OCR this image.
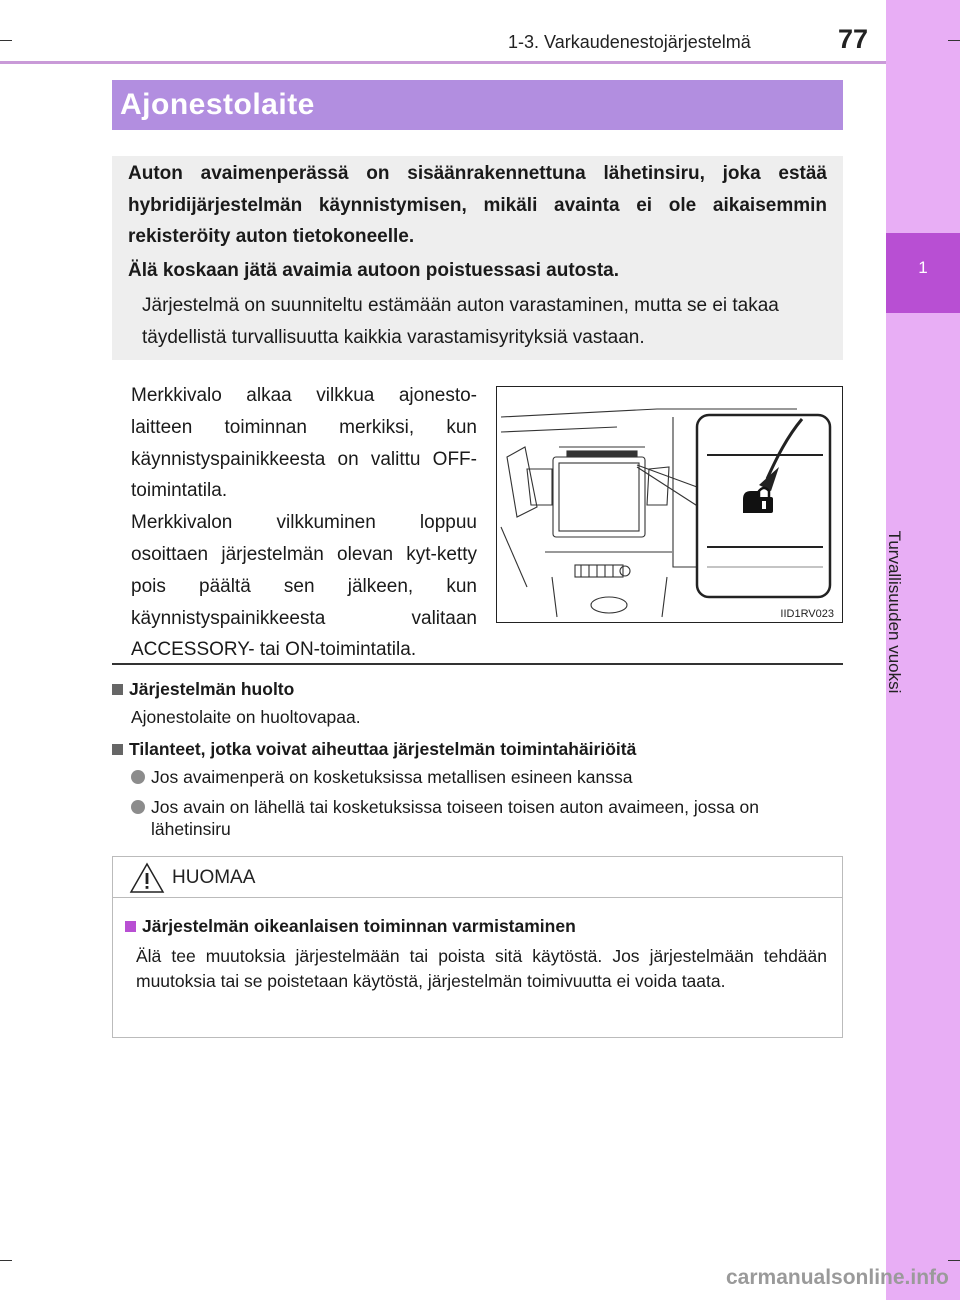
1
Turvallisuuden vuoksi
1-3. Varkaudenestojärjestelmä	77
Ajonestolaite
Auton avaimenperässä on sisäänrakennettuna lähetinsiru, joka estää hybridijärjestelmän käynnistymisen, mikäli avainta ei ole aikaisemmin rekisteröity auton tietokoneelle.
Älä koskaan jätä avaimia autoon poistuessasi autosta.
Järjestelmä on suunniteltu estämään auton varastaminen, mutta se ei takaa täydellistä turvallisuutta kaikkia varastamisyrityksiä vastaan.

Merkkivalo alkaa vilkkua ajonesto-laitteen toiminnan merkiksi, kun käynnistyspainikkeesta on valittu OFF-toimintatila.

Merkkivalon vilkkuminen loppuu osoittaen järjestelmän olevan kyt-ketty pois päältä sen jälkeen, kun käynnistyspainikkeesta valitaan ACCESSORY- tai ON-toimintatila.

IID1RV023
Järjestelmän huolto
Ajonestolaite on huoltovapaa.
Tilanteet, jotka voivat aiheuttaa järjestelmän toimintahäiriöitä
Jos avaimenperä on kosketuksissa metallisen esineen kanssa
Jos avain on lähellä tai kosketuksissa toiseen toisen auton avaimeen, jossa on lähetinsiru
HUOMAA
Järjestelmän oikeanlaisen toiminnan varmistaminen
Älä tee muutoksia järjestelmään tai poista sitä käytöstä. Jos järjestelmään tehdään muutoksia tai se poistetaan käytöstä, järjestelmän toimivuutta ei voida taata.
carmanualsonline.info
